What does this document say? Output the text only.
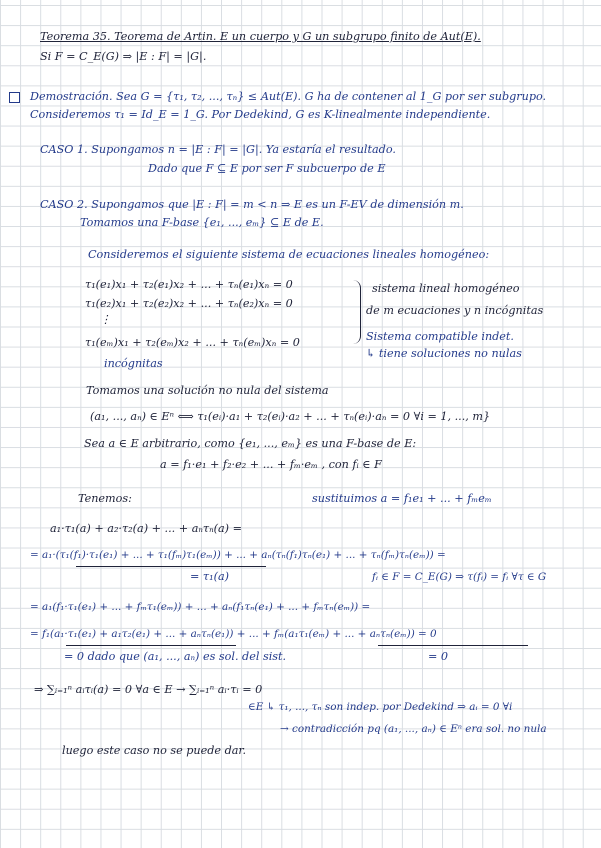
Teorema 35. Teorema de Artin. E un cuerpo y G un subgrupo finito de Aut(E).
Si F = C_E(G) ⇒ |E : F| = |G|.
Demostración. Sea G = {τ₁, τ₂, ..., τₙ} ≤ Aut(E). G ha de contener al 1_G por ser subgrupo.
Consideremos τ₁ = Id_E = 1_G. Por Dedekind, G es K-linealmente independiente.
CASO 1. Supongamos n = |E : F| = |G|. Ya estaría el resultado.
Dado que F ⊆ E por ser F subcuerpo de E
CASO 2. Supongamos que |E : F| = m < n ⇒ E es un F-EV de dimensión m.
Tomamos una F-base {e₁, ..., eₘ} ⊆ E de E.
Consideremos el siguiente sistema de ecuaciones lineales homogéneo:
τ₁(e₁)x₁ + τ₂(e₁)x₂ + ... + τₙ(e₁)xₙ = 0
τ₁(e₂)x₁ + τ₂(e₂)x₂ + ... + τₙ(e₂)xₙ = 0
⋮
τ₁(eₘ)x₁ + τ₂(eₘ)x₂ + ... + τₙ(eₘ)xₙ = 0
incógnitas
sistema lineal homogéneo
de m ecuaciones y n incógnitas
Sistema compatible indet.
↳ tiene soluciones no nulas
Tomamos una solución no nula del sistema
(a₁, ..., aₙ) ∈ Eⁿ ⟺ τ₁(eᵢ)·a₁ + τ₂(eᵢ)·a₂ + ... + τₙ(eᵢ)·aₙ = 0 ∀i = 1, ..., m}
Sea a ∈ E arbitrario, como {e₁, ..., eₘ} es una F-base de E:
a = f₁·e₁ + f₂·e₂ + ... + fₘ·eₘ , con fᵢ ∈ F
Tenemos:	sustituimos a = f₁e₁ + ... + fₘeₘ
a₁·τ₁(a) + a₂·τ₂(a) + ... + aₙτₙ(a) =
= a₁·(τ₁(f₁)·τ₁(e₁) + ... + τ₁(fₘ)τ₁(eₘ)) + ... + aₙ(τₙ(f₁)τₙ(e₁) + ... + τₙ(fₘ)τₙ(eₘ)) =
= τ₁(a)	fᵢ ∈ F = C_E(G) ⇒ τ(fᵢ) = fᵢ ∀τ ∈ G
= a₁(f₁·τ₁(e₁) + ... + fₘτ₁(eₘ)) + ... + aₙ(f₁τₙ(e₁) + ... + fₘτₙ(eₘ)) =
= f₁(a₁·τ₁(e₁) + a₁τ₂(e₁) + ... + aₙτₙ(e₁)) + ... + fₘ(a₁τ₁(eₘ) + ... + aₙτₙ(eₘ)) = 0
= 0 dado que (a₁, ..., aₙ) es sol. del sist.	= 0
⇒ ∑ᵢ₌₁ⁿ aᵢτᵢ(a) = 0 ∀a ∈ E → ∑ᵢ₌₁ⁿ aᵢ·τᵢ = 0
∈E ↳ τ₁, ..., τₙ son indep. por Dedekind ⇒ aᵢ = 0 ∀i
→ contradicción pq (a₁, ..., aₙ) ∈ Eⁿ era sol. no nula
luego este caso no se puede dar.
